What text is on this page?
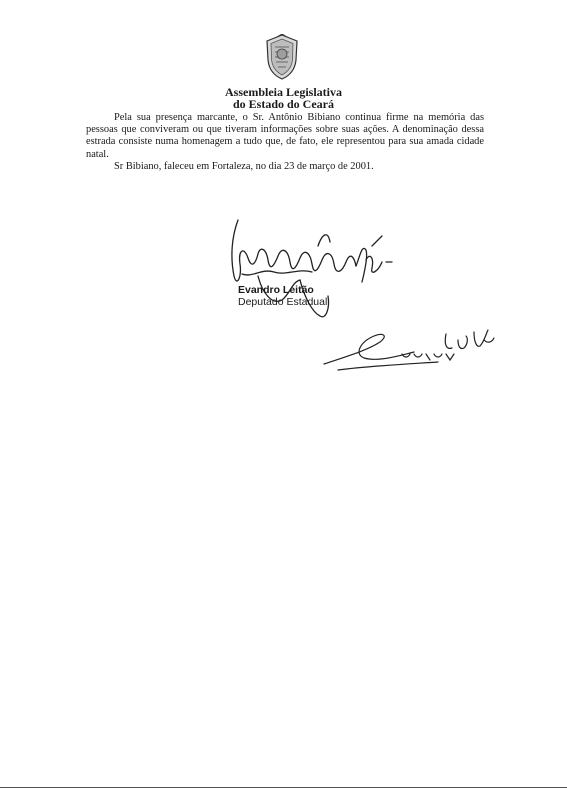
Assembleia Legislativa
do Estado do Ceará

Pela sua presença marcante, o Sr. Antônio Bibiano continua firme na memória das pessoas que conviveram ou que tiveram informações sobre suas ações. A denominação dessa estrada consiste numa homenagem a tudo que, de fato, ele representou para sua amada cidade natal.

Sr Bibiano, faleceu em Fortaleza, no dia 23 de março de 2001.

Evandro Leitão
Deputado Estadual
